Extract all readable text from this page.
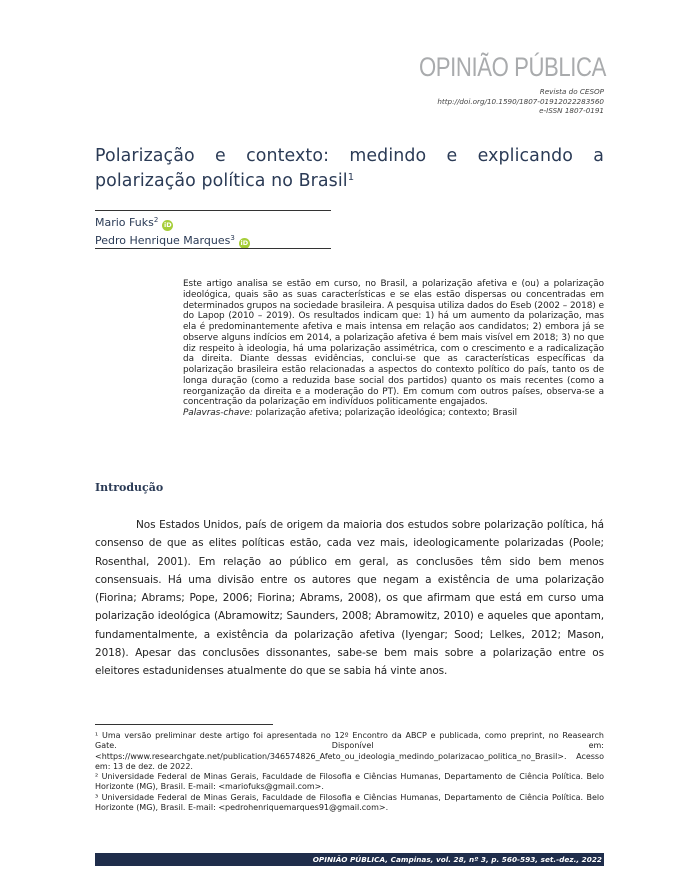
OPINIÃO PÚBLICA
Revista do CESOP
http://doi.org/10.1590/1807-01912022283560
e-ISSN 1807-0191
Polarização e contexto: medindo e explicando a polarização política no Brasil$^1$
Mario Fuks$^2$iD
Pedro Henrique Marques$^3$iD
Este artigo analisa se estão em curso, no Brasil, a polarização afetiva e (ou) a polarização ideológica, quais são as suas características e se elas estão dispersas ou concentradas em determinados grupos na sociedade brasileira. A pesquisa utiliza dados do Eseb (2002 – 2018) e do Lapop (2010 – 2019). Os resultados indicam que: 1) há um aumento da polarização, mas ela é predominantemente afetiva e mais intensa em relação aos candidatos; 2) embora já se observe alguns indícios em 2014, a polarização afetiva é bem mais visível em 2018; 3) no que diz respeito à ideologia, há uma polarização assimétrica, com o crescimento e a radicalização da direita. Diante dessas evidências, conclui-se que as características específicas da polarização brasileira estão relacionadas a aspectos do contexto político do país, tanto os de longa duração (como a reduzida base social dos partidos) quanto os mais recentes (como a reorganização da direita e a moderação do PT). Em comum com outros países, observa-se a concentração da polarização em indivíduos politicamente engajados.
Palavras-chave: polarização afetiva; polarização ideológica; contexto; Brasil
Introdução
Nos Estados Unidos, país de origem da maioria dos estudos sobre polarização política, há consenso de que as elites políticas estão, cada vez mais, ideologicamente polarizadas (Poole; Rosenthal, 2001). Em relação ao público em geral, as conclusões têm sido bem menos consensuais. Há uma divisão entre os autores que negam a existência de uma polarização (Fiorina; Abrams; Pope, 2006; Fiorina; Abrams, 2008), os que afirmam que está em curso uma polarização ideológica (Abramowitz; Saunders, 2008; Abramowitz, 2010) e aqueles que apontam, fundamentalmente, a existência da polarização afetiva (Iyengar; Sood; Lelkes, 2012; Mason, 2018). Apesar das conclusões dissonantes, sabe-se bem mais sobre a polarização entre os eleitores estadunidenses atualmente do que se sabia há vinte anos.

¹ Uma versão preliminar deste artigo foi apresentada no 12º Encontro da ABCP e publicada, como preprint, no Reasearch Gate. Disponível em: <https://www.researchgate.net/publication/346574826_Afeto_ou_ideologia_medindo_polarizacao_politica_no_Brasil>. Acesso em: 13 de dez. de 2022.

² Universidade Federal de Minas Gerais, Faculdade de Filosofia e Ciências Humanas, Departamento de Ciência Política. Belo Horizonte (MG), Brasil. E-mail: <mariofuks@gmail.com>.

³ Universidade Federal de Minas Gerais, Faculdade de Filosofia e Ciências Humanas, Departamento de Ciência Política. Belo Horizonte (MG), Brasil. E-mail: <pedrohenriquemarques91@gmail.com>.

OPINIÃO PÚBLICA, Campinas, vol. 28, nº 3, p. 560-593, set.-dez., 2022
